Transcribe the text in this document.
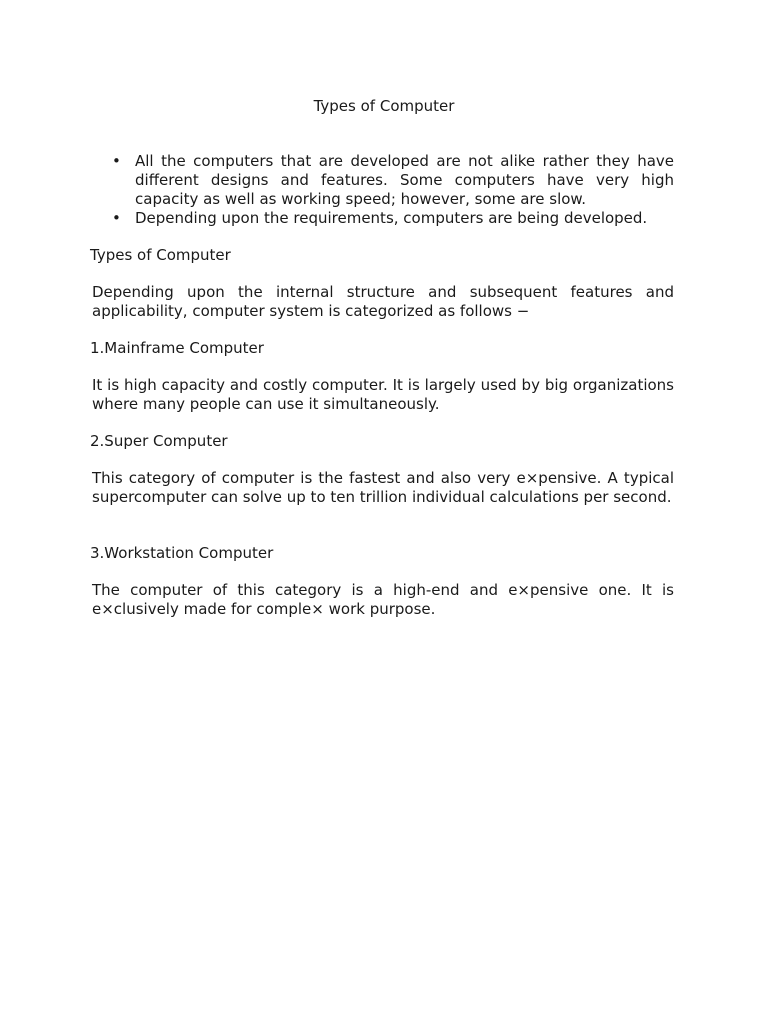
Types of Computer
• All the computers that are developed are not alike rather they have different designs and features. Some computers have very high capacity as well as working speed; however, some are slow.
• Depending upon the requirements, computers are being developed.
Types of Computer

Depending upon the internal structure and subsequent features and applicability, computer system is categorized as follows −

1.Mainframe Computer

It is high capacity and costly computer. It is largely used by big organizations where many people can use it simultaneously.

2.Super Computer

This category of computer is the fastest and also very e×pensive. A typical supercomputer can solve up to ten trillion individual calculations per second.

3.Workstation Computer

The computer of this category is a high-end and e×pensive one. It is e×clusively made for comple× work purpose.
